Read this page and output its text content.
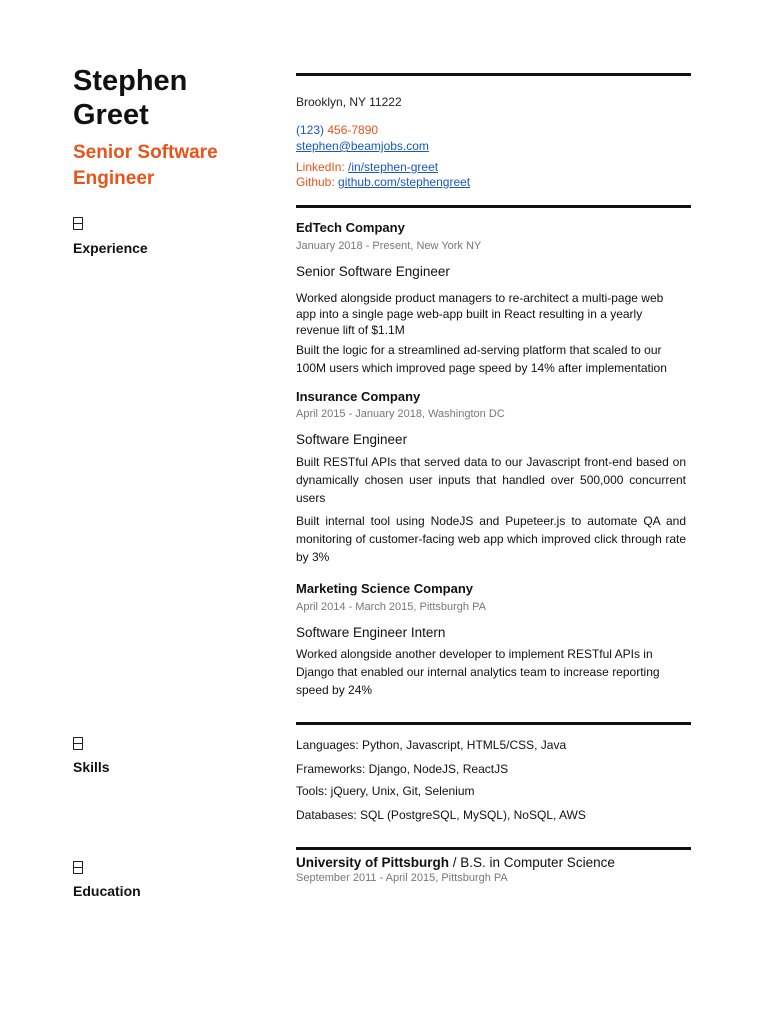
Stephen
Greet
Senior Software
Engineer
Brooklyn, NY 11222
(123) 456-7890
stephen@beamjobs.com
LinkedIn: /in/stephen-greet
Github: github.com/stephengreet
Experience
EdTech Company
January 2018 - Present, New York NY
Senior Software Engineer
Worked alongside product managers to re-architect a multi-page web app into a single page web-app built in React resulting in a yearly revenue lift of $1.1M
Built the logic for a streamlined ad-serving platform that scaled to our 100M users which improved page speed by 14% after implementation
Insurance Company
April 2015 - January 2018, Washington DC
Software Engineer
Built RESTful APIs that served data to our Javascript front-end based on dynamically chosen user inputs that handled over 500,000 concurrent users
Built internal tool using NodeJS and Pupeteer.js to automate QA and monitoring of customer-facing web app which improved click through rate by 3%
Marketing Science Company
April 2014 - March 2015, Pittsburgh PA
Software Engineer Intern
Worked alongside another developer to implement RESTful APIs in Django that enabled our internal analytics team to increase reporting speed by 24%
Skills
Languages: Python, Javascript, HTML5/CSS, Java
Frameworks: Django, NodeJS, ReactJS
Tools: jQuery, Unix, Git, Selenium
Databases: SQL (PostgreSQL, MySQL), NoSQL, AWS
Education
University of Pittsburgh / B.S. in Computer Science
September 2011 - April 2015, Pittsburgh PA
